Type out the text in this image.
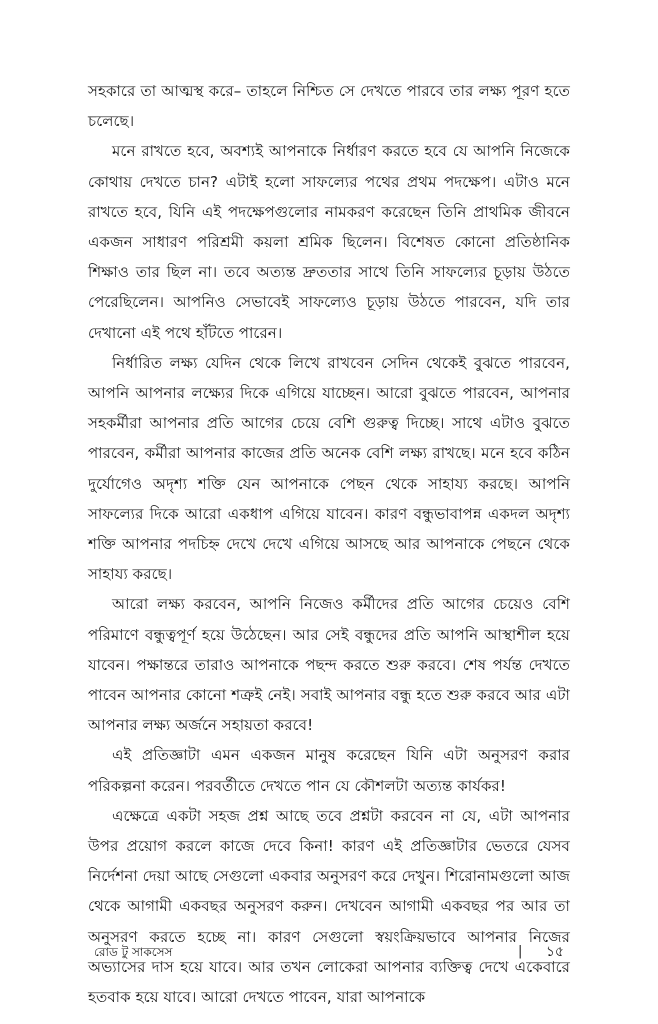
সহকারে তা আত্মস্থ করে– তাহলে নিশ্চিত সে দেখতে পারবে তার লক্ষ্য পূরণ হতে চলেছে।

মনে রাখতে হবে, অবশ্যই আপনাকে নির্ধারণ করতে হবে যে আপনি নিজেকে কোথায় দেখতে চান? এটাই হলো সাফল্যের পথের প্রথম পদক্ষেপ। এটাও মনে রাখতে হবে, যিনি এই পদক্ষেপগুলোর নামকরণ করেছেন তিনি প্রাথমিক জীবনে একজন সাধারণ পরিশ্রমী কয়লা শ্রমিক ছিলেন। বিশেষত কোনো প্রতিষ্ঠানিক শিক্ষাও তার ছিল না। তবে অত্যন্ত দ্রুততার সাথে তিনি সাফল্যের চূড়ায় উঠতে পেরেছিলেন। আপনিও সেভাবেই সাফল্যেও চূড়ায় উঠতে পারবেন, যদি তার দেখানো এই পথে হাঁটতে পারেন।

নির্ধারিত লক্ষ্য যেদিন থেকে লিখে রাখবেন সেদিন থেকেই বুঝতে পারবেন, আপনি আপনার লক্ষ্যের দিকে এগিয়ে যাচ্ছেন। আরো বুঝতে পারবেন, আপনার সহকর্মীরা আপনার প্রতি আগের চেয়ে বেশি গুরুত্ব দিচ্ছে। সাথে এটাও বুঝতে পারবেন, কর্মীরা আপনার কাজের প্রতি অনেক বেশি লক্ষ্য রাখছে। মনে হবে কঠিন দুর্যোগেও অদৃশ্য শক্তি যেন আপনাকে পেছন থেকে সাহায্য করছে। আপনি সাফল্যের দিকে আরো একধাপ এগিয়ে যাবেন। কারণ বন্ধুভাবাপন্ন একদল অদৃশ্য শক্তি আপনার পদচিহ্ন দেখে দেখে এগিয়ে আসছে আর আপনাকে পেছনে থেকে সাহায্য করছে।

আরো লক্ষ্য করবেন, আপনি নিজেও কর্মীদের প্রতি আগের চেয়েও বেশি পরিমাণে বন্ধুত্বপূর্ণ হয়ে উঠেছেন। আর সেই বন্ধুদের প্রতি আপনি আস্থাশীল হয়ে যাবেন। পক্ষান্তরে তারাও আপনাকে পছন্দ করতে শুরু করবে। শেষ পর্যন্ত দেখতে পাবেন আপনার কোনো শত্রুই নেই। সবাই আপনার বন্ধু হতে শুরু করবে আর এটা আপনার লক্ষ্য অর্জনে সহায়তা করবে!

এই প্রতিজ্ঞাটা এমন একজন মানুষ করেছেন যিনি এটা অনুসরণ করার পরিকল্পনা করেন। পরবর্তীতে দেখতে পান যে কৌশলটা অত্যন্ত কার্যকর!

এক্ষেত্রে একটা সহজ প্রশ্ন আছে তবে প্রশ্নটা করবেন না যে, এটা আপনার উপর প্রয়োগ করলে কাজে দেবে কিনা! কারণ এই প্রতিজ্ঞাটার ভেতরে যেসব নির্দেশনা দেয়া আছে সেগুলো একবার অনুসরণ করে দেখুন। শিরোনামগুলো আজ থেকে আগামী একবছর অনুসরণ করুন। দেখবেন আগামী একবছর পর আর তা অনুসরণ করতে হচ্ছে না। কারণ সেগুলো স্বয়ংক্রিয়ভাবে আপনার নিজের অভ্যাসের দাস হয়ে যাবে। আর তখন লোকেরা আপনার ব্যক্তিত্ব দেখে একেবারে হতবাক হয়ে যাবে। আরো দেখতে পাবেন, যারা আপনাকে

রোড টু সাকসেস	| ১৫
